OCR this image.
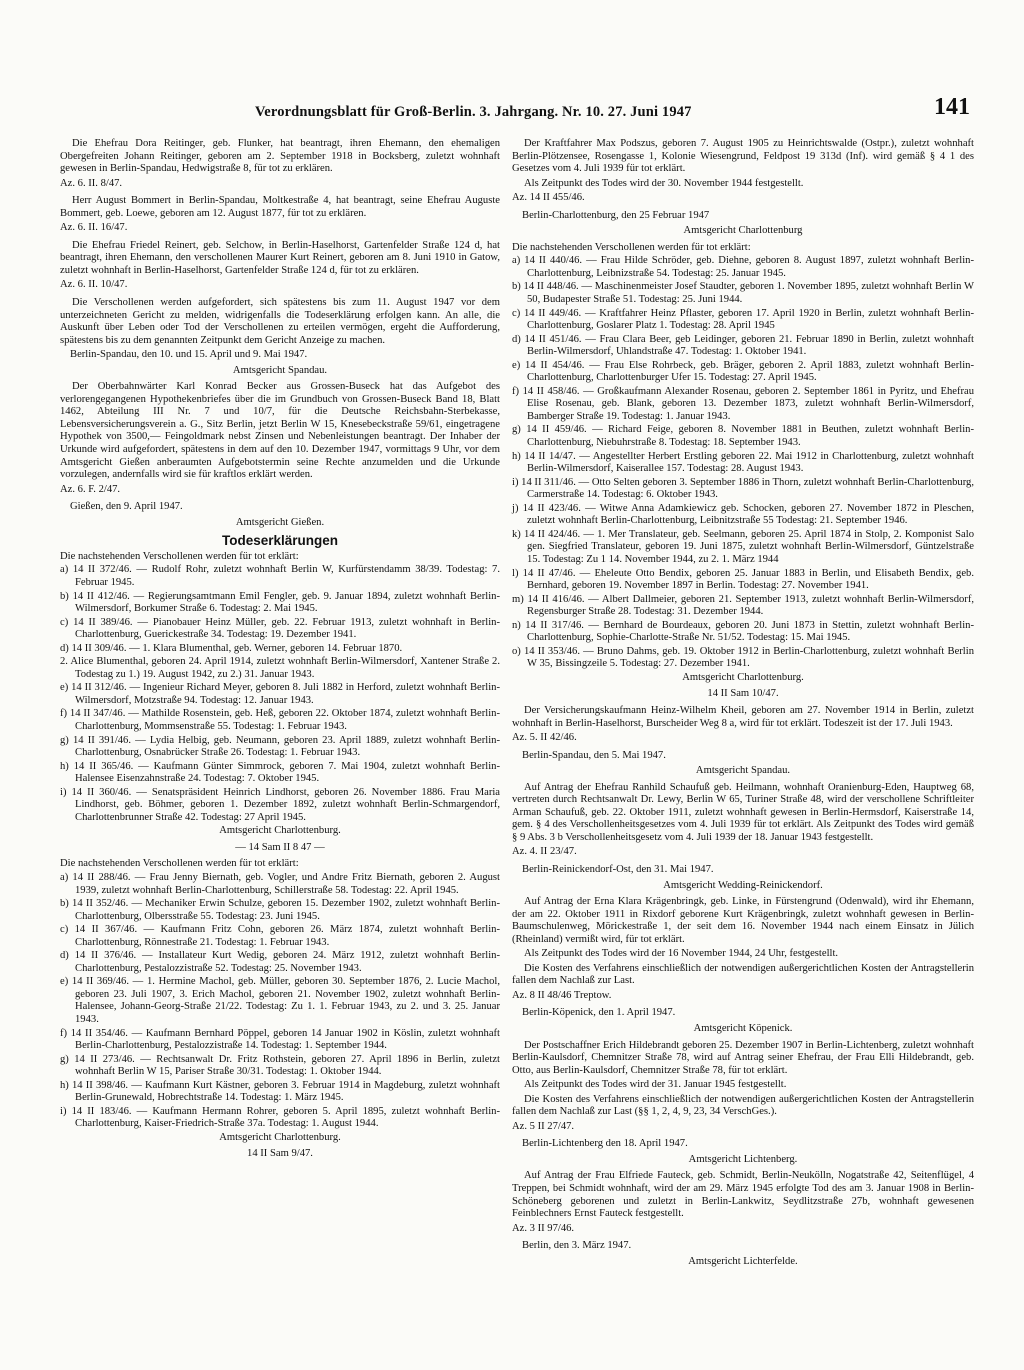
Verordnungsblatt für Groß-Berlin. 3. Jahrgang. Nr. 10. 27. Juni 1947	141
Die Ehefrau Dora Reitinger, geb. Flunker, hat beantragt, ihren Ehemann, den ehemaligen Obergefreiten Johann Reitinger, geboren am 2. September 1918 in Bocksberg, zuletzt wohnhaft gewesen in Berlin-Spandau, Hedwigstraße 8, für tot zu erklären.
Az. 6. II. 8/47.
Herr August Bommert in Berlin-Spandau, Moltkestraße 4, hat beantragt, seine Ehefrau Auguste Bommert, geb. Loewe, geboren am 12. August 1877, für tot zu erklären.
Az. 6. II. 16/47.
Die Ehefrau Friedel Reinert, geb. Selchow, in Berlin-Haselhorst, Gartenfelder Straße 124 d, hat beantragt, ihren Ehemann, den verschollenen Maurer Kurt Reinert, geboren am 8. Juni 1910 in Gatow, zuletzt wohnhaft in Berlin-Haselhorst, Gartenfelder Straße 124 d, für tot zu erklären.
Az. 6. II. 10/47.
Die Verschollenen werden aufgefordert, sich spätestens bis zum 11. August 1947 vor dem unterzeichneten Gericht zu melden, widrigenfalls die Todeserklärung erfolgen kann. An alle, die Auskunft über Leben oder Tod der Verschollenen zu erteilen vermögen, ergeht die Aufforderung, spätestens bis zu dem genannten Zeitpunkt dem Gericht Anzeige zu machen.
Berlin-Spandau, den 10. und 15. April und 9. Mai 1947.
Amtsgericht Spandau.
Der Oberbahnwärter Karl Konrad Becker aus Grossen-Buseck hat das Aufgebot des verlorengegangenen Hypothekenbriefes über die im Grundbuch von Grossen-Buseck Band 18, Blatt 1462, Abteilung III Nr. 7 und 10/7, für die Deutsche Reichsbahn-Sterbekasse, Lebensversicherungsverein a. G., Sitz Berlin, jetzt Berlin W 15, Knesebeckstraße 59/61, eingetragene Hypothek von 3500,— Feingoldmark nebst Zinsen und Nebenleistungen beantragt. Der Inhaber der Urkunde wird aufgefordert, spätestens in dem auf den 10. Dezember 1947, vormittags 9 Uhr, vor dem Amtsgericht Gießen anberaumten Aufgebotstermin seine Rechte anzumelden und die Urkunde vorzulegen, andernfalls wird sie für kraftlos erklärt werden.
Az. 6. F. 2/47.
Gießen, den 9. April 1947.
Amtsgericht Gießen.
Todeserklärungen
Die nachstehenden Verschollenen werden für tot erklärt:
a) 14 II 372/46. — Rudolf Rohr, zuletzt wohnhaft Berlin W, Kurfürstendamm 38/39. Todestag: 7. Februar 1945.
b) 14 II 412/46. — Regierungsamtmann Emil Fengler, geb. 9. Januar 1894, zuletzt wohnhaft Berlin-Wilmersdorf, Borkumer Straße 6. Todestag: 2. Mai 1945.
c) 14 II 389/46. — Pianobauer Heinz Müller, geb. 22. Februar 1913, zuletzt wohnhaft in Berlin-Charlottenburg, Guerickestraße 34. Todestag: 19. Dezember 1941.
d) 14 II 309/46. — 1. Klara Blumenthal, geb. Werner, geboren 14. Februar 1870.
2. Alice Blumenthal, geboren 24. April 1914, zuletzt wohnhaft Berlin-Wilmersdorf, Xantener Straße 2. Todestag zu 1.) 19. August 1942, zu 2.) 31. Januar 1943.
e) 14 II 312/46. — Ingenieur Richard Meyer, geboren 8. Juli 1882 in Herford, zuletzt wohnhaft Berlin-Wilmersdorf, Motzstraße 94. Todestag: 12. Januar 1943.
f) 14 II 347/46. — Mathilde Rosenstein, geb. Heß, geboren 22. Oktober 1874, zuletzt wohnhaft Berlin-Charlottenburg, Mommsenstraße 55. Todestag: 1. Februar 1943.
g) 14 II 391/46. — Lydia Helbig, geb. Neumann, geboren 23. April 1889, zuletzt wohnhaft Berlin-Charlottenburg, Osnabrücker Straße 26. Todestag: 1. Februar 1943.
h) 14 II 365/46. — Kaufmann Günter Simmrock, geboren 7. Mai 1904, zuletzt wohnhaft Berlin-Halensee Eisenzahnstraße 24. Todestag: 7. Oktober 1945.
i) 14 II 360/46. — Senatspräsident Heinrich Lindhorst, geboren 26. November 1886. Frau Maria Lindhorst, geb. Böhmer, geboren 1. Dezember 1892, zuletzt wohnhaft Berlin-Schmargendorf, Charlottenbrunner Straße 42. Todestag: 27 April 1945.
Amtsgericht Charlottenburg.
— 14 Sam II 8 47 —
Die nachstehenden Verschollenen werden für tot erklärt:
a) 14 II 288/46. — Frau Jenny Biernath, geb. Vogler, und Andre Fritz Biernath, geboren 2. August 1939, zuletzt wohnhaft Berlin-Charlottenburg, Schillerstraße 58. Todestag: 22. April 1945.
b) 14 II 352/46. — Mechaniker Erwin Schulze, geboren 15. Dezember 1902, zuletzt wohnhaft Berlin-Charlottenburg, Olbersstraße 55. Todestag: 23. Juni 1945.
c) 14 II 367/46. — Kaufmann Fritz Cohn, geboren 26. März 1874, zuletzt wohnhaft Berlin-Charlottenburg, Rönnestraße 21. Todestag: 1. Februar 1943.
d) 14 II 376/46. — Installateur Kurt Wedig, geboren 24. März 1912, zuletzt wohnhaft Berlin-Charlottenburg, Pestalozzistraße 52. Todestag: 25. November 1943.
e) 14 II 369/46. — 1. Hermine Machol, geb. Müller, geboren 30. September 1876, 2. Lucie Machol, geboren 23. Juli 1907, 3. Erich Machol, geboren 21. November 1902, zuletzt wohnhaft Berlin-Halensee, Johann-Georg-Straße 21/22. Todestag: Zu 1. 1. Februar 1943, zu 2. und 3. 25. Januar 1943.
f) 14 II 354/46. — Kaufmann Bernhard Pöppel, geboren 14 Januar 1902 in Köslin, zuletzt wohnhaft Berlin-Charlottenburg, Pestalozzistraße 14. Todestag: 1. September 1944.
g) 14 II 273/46. — Rechtsanwalt Dr. Fritz Rothstein, geboren 27. April 1896 in Berlin, zuletzt wohnhaft Berlin W 15, Pariser Straße 30/31. Todestag: 1. Oktober 1944.
h) 14 II 398/46. — Kaufmann Kurt Kästner, geboren 3. Februar 1914 in Magdeburg, zuletzt wohnhaft Berlin-Grunewald, Hobrechtstraße 14. Todestag: 1. März 1945.
i) 14 II 183/46. — Kaufmann Hermann Rohrer, geboren 5. April 1895, zuletzt wohnhaft Berlin-Charlottenburg, Kaiser-Friedrich-Straße 37a. Todestag: 1. August 1944.
Amtsgericht Charlottenburg.
14 II Sam 9/47.
Der Kraftfahrer Max Podszus, geboren 7. August 1905 zu Heinrichtswalde (Ostpr.), zuletzt wohnhaft Berlin-Plötzensee, Rosengasse 1, Kolonie Wiesengrund, Feldpost 19 313d (Inf). wird gemäß § 4 1 des Gesetzes vom 4. Juli 1939 für tot erklärt.
Als Zeitpunkt des Todes wird der 30. November 1944 festgestellt.
Az. 14 II 455/46.
Berlin-Charlottenburg, den 25 Februar 1947
Amtsgericht Charlottenburg
Die nachstehenden Verschollenen werden für tot erklärt:
a) 14 II 440/46. — Frau Hilde Schröder, geb. Diehne, geboren 8. August 1897, zuletzt wohnhaft Berlin-Charlottenburg, Leibnizstraße 54. Todestag: 25. Januar 1945.
b) 14 II 448/46. — Maschinenmeister Josef Staudter, geboren 1. November 1895, zuletzt wohnhaft Berlin W 50, Budapester Straße 51. Todestag: 25. Juni 1944.
c) 14 II 449/46. — Kraftfahrer Heinz Pflaster, geboren 17. April 1920 in Berlin, zuletzt wohnhaft Berlin-Charlottenburg, Goslarer Platz 1. Todestag: 28. April 1945
d) 14 II 451/46. — Frau Clara Beer, geb Leidinger, geboren 21. Februar 1890 in Berlin, zuletzt wohnhaft Berlin-Wilmersdorf, Uhlandstraße 47. Todestag: 1. Oktober 1941.
e) 14 II 454/46. — Frau Else Rohrbeck, geb. Bräger, geboren 2. April 1883, zuletzt wohnhaft Berlin-Charlottenburg, Charlottenburger Ufer 15. Todestag: 27. April 1945.
f) 14 II 458/46. — Großkaufmann Alexander Rosenau, geboren 2. September 1861 in Pyritz, und Ehefrau Elise Rosenau, geb. Blank, geboren 13. Dezember 1873, zuletzt wohnhaft Berlin-Wilmersdorf, Bamberger Straße 19. Todestag: 1. Januar 1943.
g) 14 II 459/46. — Richard Feige, geboren 8. November 1881 in Beuthen, zuletzt wohnhaft Berlin-Charlottenburg, Niebuhrstraße 8. Todestag: 18. September 1943.
h) 14 II 14/47. — Angestellter Herbert Erstling geboren 22. Mai 1912 in Charlottenburg, zuletzt wohnhaft Berlin-Wilmersdorf, Kaiserallee 157. Todestag: 28. August 1943.
i) 14 II 311/46. — Otto Selten geboren 3. September 1886 in Thorn, zuletzt wohnhaft Berlin-Charlottenburg, Carmerstraße 14. Todestag: 6. Oktober 1943.
j) 14 II 423/46. — Witwe Anna Adamkiewicz geb. Schocken, geboren 27. November 1872 in Pleschen, zuletzt wohnhaft Berlin-Charlottenburg, Leibnitzstraße 55 Todestag: 21. September 1946.
k) 14 II 424/46. — 1. Mer Translateur, geb. Seelmann, geboren 25. April 1874 in Stolp, 2. Komponist Salo gen. Siegfried Translateur, geboren 19. Juni 1875, zuletzt wohnhaft Berlin-Wilmersdorf, Güntzelstraße 15. Todestag: Zu 1 14. November 1944, zu 2. 1. März 1944
l) 14 II 47/46. — Eheleute Otto Bendix, geboren 25. Januar 1883 in Berlin, und Elisabeth Bendix, geb. Bernhard, geboren 19. November 1897 in Berlin. Todestag: 27. November 1941.
m) 14 II 416/46. — Albert Dallmeier, geboren 21. September 1913, zuletzt wohnhaft Berlin-Wilmersdorf, Regensburger Straße 28. Todestag: 31. Dezember 1944.
n) 14 II 317/46. — Bernhard de Bourdeaux, geboren 20. Juni 1873 in Stettin, zuletzt wohnhaft Berlin-Charlottenburg, Sophie-Charlotte-Straße Nr. 51/52. Todestag: 15. Mai 1945.
o) 14 II 353/46. — Bruno Dahms, geb. 19. Oktober 1912 in Berlin-Charlottenburg, zuletzt wohnhaft Berlin W 35, Bissingzeile 5. Todestag: 27. Dezember 1941.
Amtsgericht Charlottenburg.
14 II Sam 10/47.
Der Versicherungskaufmann Heinz-Wilhelm Kheil, geboren am 27. November 1914 in Berlin, zuletzt wohnhaft in Berlin-Haselhorst, Burscheider Weg 8 a, wird für tot erklärt. Todeszeit ist der 17. Juli 1943.
Az. 5. II 42/46.
Berlin-Spandau, den 5. Mai 1947.
Amtsgericht Spandau.
Auf Antrag der Ehefrau Ranhild Schaufuß geb. Heilmann, wohnhaft Oranienburg-Eden, Hauptweg 68, vertreten durch Rechtsanwalt Dr. Lewy, Berlin W 65, Turiner Straße 48, wird der verschollene Schriftleiter Arman Schaufuß, geb. 22. Oktober 1911, zuletzt wohnhaft gewesen in Berlin-Hermsdorf, Kaiserstraße 14, gem. § 4 des Verschollenheitsgesetzes vom 4. Juli 1939 für tot erklärt. Als Zeitpunkt des Todes wird gemäß § 9 Abs. 3 b Verschollenheitsgesetz vom 4. Juli 1939 der 18. Januar 1943 festgestellt.
Az. 4. II 23/47.
Berlin-Reinickendorf-Ost, den 31. Mai 1947.
Amtsgericht Wedding-Reinickendorf.
Auf Antrag der Erna Klara Krägenbringk, geb. Linke, in Fürstengrund (Odenwald), wird ihr Ehemann, der am 22. Oktober 1911 in Rixdorf geborene Kurt Krägenbringk, zuletzt wohnhaft gewesen in Berlin-Baumschulenweg, Mörickestraße 1, der seit dem 16. November 1944 nach einem Einsatz in Jülich (Rheinland) vermißt wird, für tot erklärt.
Als Zeitpunkt des Todes wird der 16 November 1944, 24 Uhr, festgestellt.
Die Kosten des Verfahrens einschließlich der notwendigen außergerichtlichen Kosten der Antragstellerin fallen dem Nachlaß zur Last.
Az. 8 II 48/46 Treptow.
Berlin-Köpenick, den 1. April 1947.
Amtsgericht Köpenick.
Der Postschaffner Erich Hildebrandt geboren 25. Dezember 1907 in Berlin-Lichtenberg, zuletzt wohnhaft Berlin-Kaulsdorf, Chemnitzer Straße 78, wird auf Antrag seiner Ehefrau, der Frau Elli Hildebrandt, geb. Otto, aus Berlin-Kaulsdorf, Chemnitzer Straße 78, für tot erklärt.
Als Zeitpunkt des Todes wird der 31. Januar 1945 festgestellt.
Die Kosten des Verfahrens einschließlich der notwendigen außergerichtlichen Kosten der Antragstellerin fallen dem Nachlaß zur Last (§§ 1, 2, 4, 9, 23, 34 VerschGes.).
Az. 5 II 27/47.
Berlin-Lichtenberg den 18. April 1947.
Amtsgericht Lichtenberg.
Auf Antrag der Frau Elfriede Fauteck, geb. Schmidt, Berlin-Neukölln, Nogatstraße 42, Seitenflügel, 4 Treppen, bei Schmidt wohnhaft, wird der am 29. März 1945 erfolgte Tod des am 3. Januar 1908 in Berlin-Schöneberg geborenen und zuletzt in Berlin-Lankwitz, Seydlitzstraße 27b, wohnhaft gewesenen Feinblechners Ernst Fauteck festgestellt.
Az. 3 II 97/46.
Berlin, den 3. März 1947.
Amtsgericht Lichterfelde.
